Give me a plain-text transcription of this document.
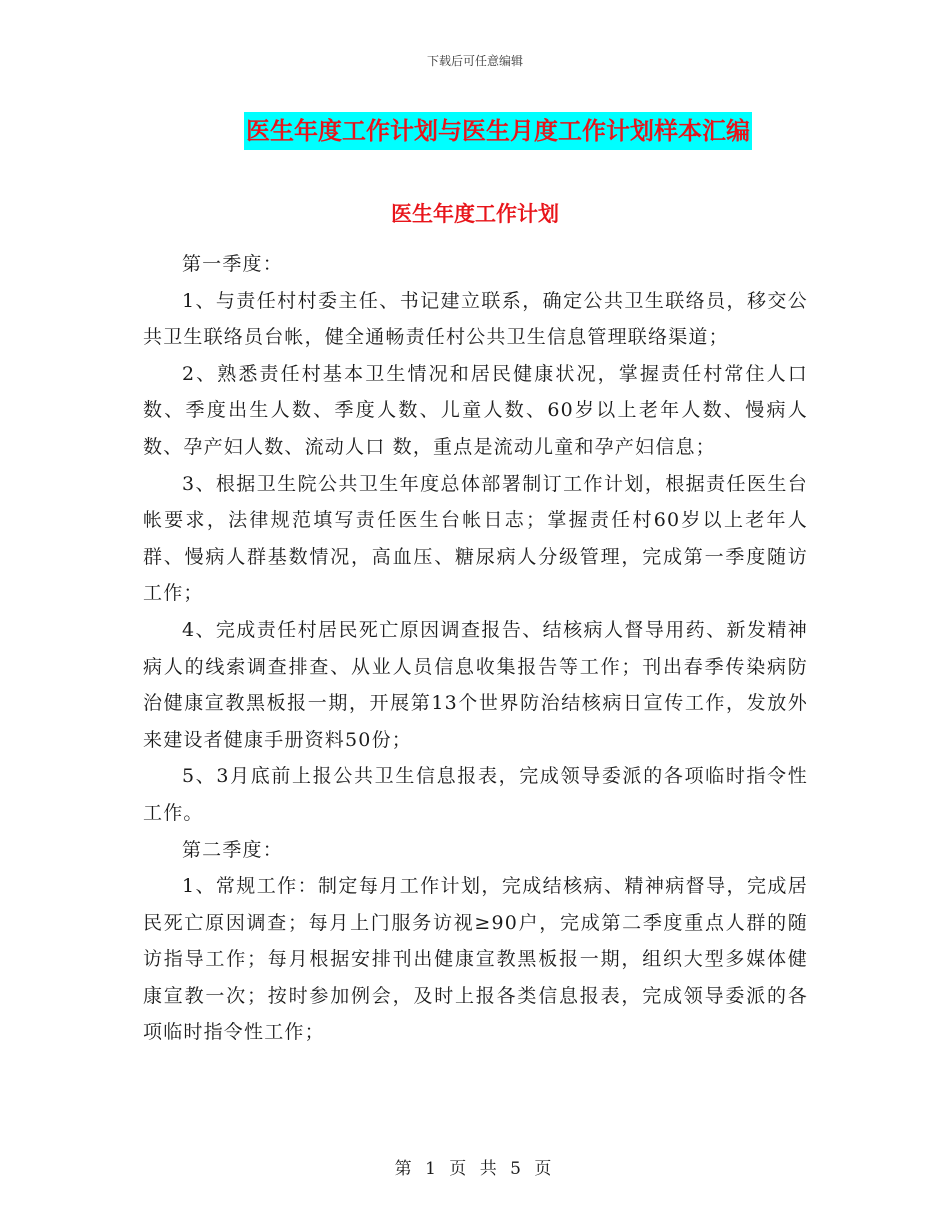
下载后可任意编辑
医生年度工作计划与医生月度工作计划样本汇编
医生年度工作计划

第一季度：

1、与责任村村委主任、书记建立联系，确定公共卫生联络员，移交公共卫生联络员台帐，健全通畅责任村公共卫生信息管理联络渠道；

2、熟悉责任村基本卫生情况和居民健康状况，掌握责任村常住人口数、季度出生人数、季度人数、儿童人数、60岁以上老年人数、慢病人数、孕产妇人数、流动人口 数，重点是流动儿童和孕产妇信息；

3、根据卫生院公共卫生年度总体部署制订工作计划，根据责任医生台帐要求，法律规范填写责任医生台帐日志；掌握责任村60岁以上老年人群、慢病人群基数情况，高血压、糖尿病人分级管理，完成第一季度随访工作；

4、完成责任村居民死亡原因调查报告、结核病人督导用药、新发精神病人的线索调查排查、从业人员信息收集报告等工作；刊出春季传染病防治健康宣教黑板报一期，开展第13个世界防治结核病日宣传工作，发放外来建设者健康手册资料50份；

5、3月底前上报公共卫生信息报表，完成领导委派的各项临时指令性工作。

第二季度：

1、常规工作：制定每月工作计划，完成结核病、精神病督导，完成居民死亡原因调查；每月上门服务访视≥90户，完成第二季度重点人群的随访指导工作；每月根据安排刊出健康宣教黑板报一期，组织大型多媒体健康宣教一次；按时参加例会，及时上报各类信息报表，完成领导委派的各项临时指令性工作；

第 1 页 共 5 页
